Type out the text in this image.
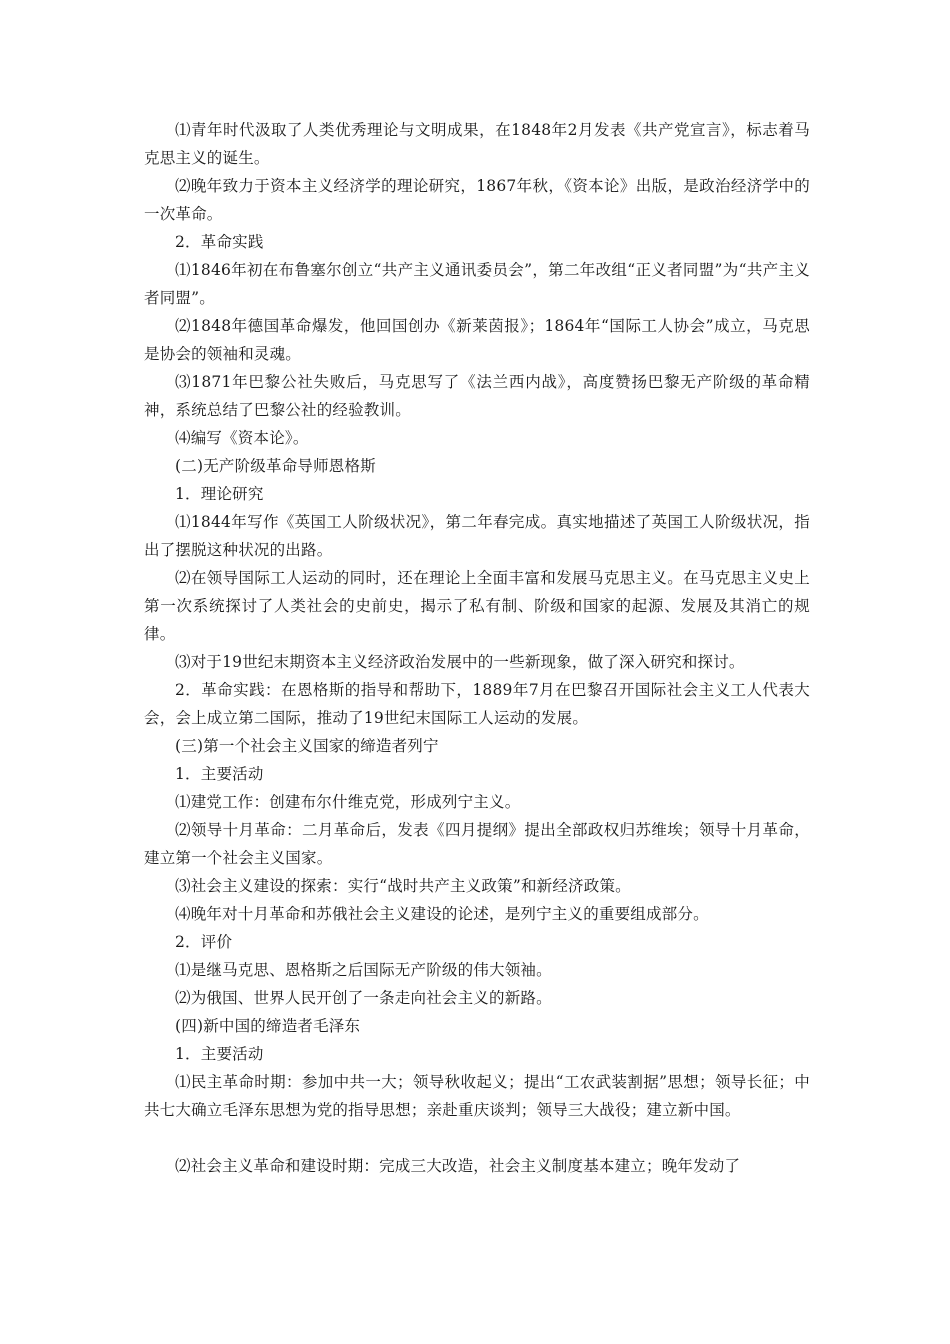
⑴青年时代汲取了人类优秀理论与文明成果，在1848年2月发表《共产党宣言》，标志着马克思主义的诞生。

⑵晚年致力于资本主义经济学的理论研究，1867年秋，《资本论》出版，是政治经济学中的一次革命。

2．革命实践

⑴1846年初在布鲁塞尔创立“共产主义通讯委员会”，第二年改组“正义者同盟”为“共产主义者同盟”。

⑵1848年德国革命爆发，他回国创办《新莱茵报》；1864年“国际工人协会”成立，马克思是协会的领袖和灵魂。

⑶1871年巴黎公社失败后，马克思写了《法兰西内战》，高度赞扬巴黎无产阶级的革命精神，系统总结了巴黎公社的经验教训。

⑷编写《资本论》。

(二)无产阶级革命导师恩格斯

1．理论研究

⑴1844年写作《英国工人阶级状况》，第二年春完成。真实地描述了英国工人阶级状况，指出了摆脱这种状况的出路。

⑵在领导国际工人运动的同时，还在理论上全面丰富和发展马克思主义。在马克思主义史上第一次系统探讨了人类社会的史前史，揭示了私有制、阶级和国家的起源、发展及其消亡的规律。

⑶对于19世纪末期资本主义经济政治发展中的一些新现象，做了深入研究和探讨。

2．革命实践：在恩格斯的指导和帮助下，1889年7月在巴黎召开国际社会主义工人代表大会，会上成立第二国际，推动了19世纪末国际工人运动的发展。

(三)第一个社会主义国家的缔造者列宁

1．主要活动

⑴建党工作：创建布尔什维克党，形成列宁主义。

⑵领导十月革命：二月革命后，发表《四月提纲》提出全部政权归苏维埃；领导十月革命，建立第一个社会主义国家。

⑶社会主义建设的探索：实行“战时共产主义政策”和新经济政策。

⑷晚年对十月革命和苏俄社会主义建设的论述，是列宁主义的重要组成部分。

2．评价

⑴是继马克思、恩格斯之后国际无产阶级的伟大领袖。

⑵为俄国、世界人民开创了一条走向社会主义的新路。

(四)新中国的缔造者毛泽东

1．主要活动

⑴民主革命时期：参加中共一大；领导秋收起义；提出“工农武装割据”思想；领导长征；中共七大确立毛泽东思想为党的指导思想；亲赴重庆谈判；领导三大战役；建立新中国。

⑵社会主义革命和建设时期：完成三大改造，社会主义制度基本建立；晚年发动了
